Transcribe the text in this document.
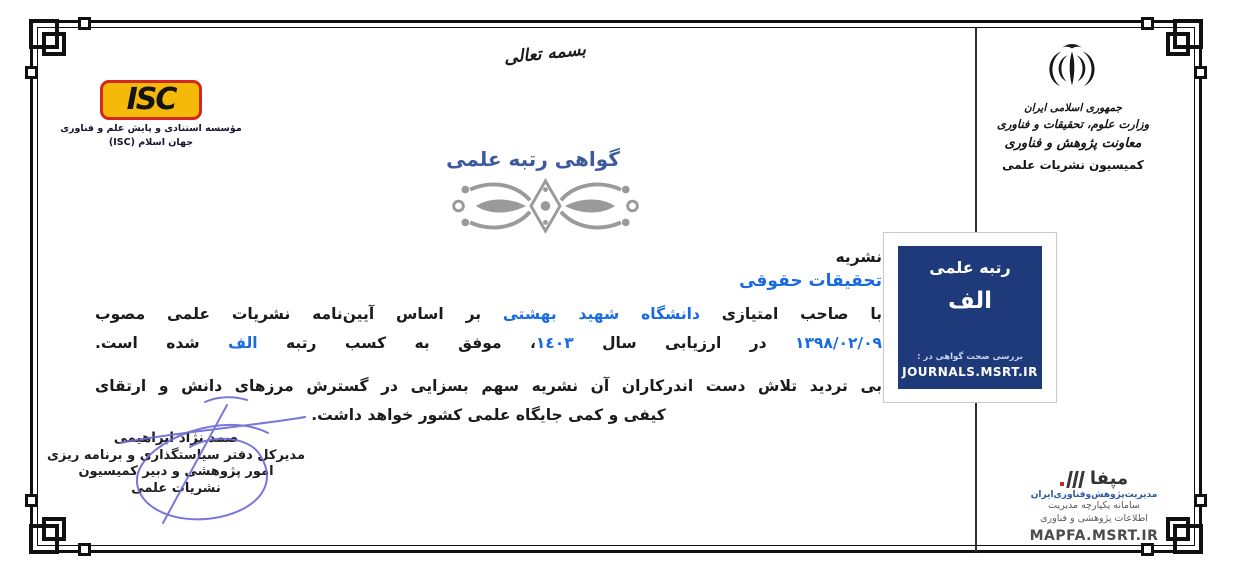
بسمه تعالی
ISC
مؤسسه استنادی و پایش علم و فناوری
جهان اسلام (ISC)
جمهوری اسلامی ایران
وزارت علوم، تحقیقات و فناوری
معاونت پژوهش و فناوری
کمیسیون نشریات علمی
گواهی رتبه علمی
نشریه
تحقیقات حقوقی
با صاحب امتیازی دانشگاه شهید بهشتی بر اساس آیین‌نامه نشریات علمی مصوب
۱۳۹۸/۰۲/۰۹ در ارزیابی سال ۱٤۰۳، موفق به کسب رتبه الف شده است.
بی تردید تلاش دست اندرکاران آن نشریه سهم بسزایی در گسترش مرزهای دانش و ارتقای
کیفی و کمی جایگاه علمی کشور خواهد داشت.
رتبه علمی
الف
بررسی صحت گواهی در :
JOURNALS.MSRT.IR
صمد نژاد ابراهیمی
مدیرکل دفتر سیاستگذاری و برنامه ریزی
امور پژوهشی و دبیر کمیسیون
نشریات علمی	مپفا
مدیریت‌پژوهش‌وفناوری‌ایران
سامانه یکپارچه مدیریت
اطلاعات پژوهشی و فناوری
MAPFA.MSRT.IR
